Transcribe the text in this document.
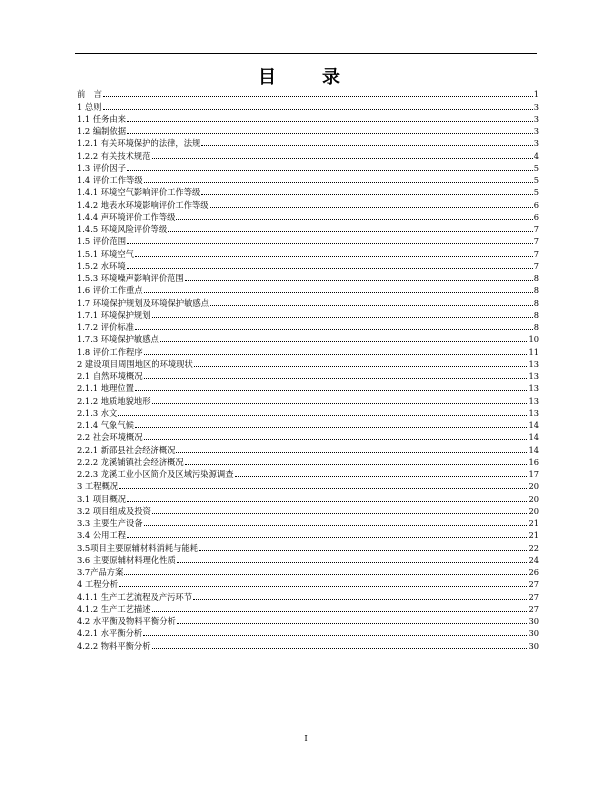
目　录
前　言	1
1 总则	3
1.1 任务由来	3
1.2 编制依据	3
1.2.1 有关环境保护的法律，法规	3
1.2.2 有关技术规范	4
1.3 评价因子	5
1.4 评价工作等级	5
1.4.1 环境空气影响评价工作等级	5
1.4.2 地表水环境影响评价工作等级	6
1.4.4 声环境评价工作等级	6
1.4.5 环境风险评价等级	7
1.5 评价范围	7
1.5.1 环境空气	7
1.5.2 水环境	7
1.5.3 环境噪声影响评价范围	8
1.6 评价工作重点	8
1.7 环境保护规划及环境保护敏感点	8
1.7.1 环境保护规划	8
1.7.2 评价标准	8
1.7.3 环境保护敏感点	10
1.8 评价工作程序	11
2 建设项目周围地区的环境现状	13
2.1 自然环境概况	13
2.1.1 地理位置	13
2.1.2 地质地貌地形	13
2.1.3 水文	13
2.1.4 气象气候	14
2.2 社会环境概况	14
2.2.1 新邵县社会经济概况	14
2.2.2 龙溪铺镇社会经济概况	16
2.2.3 龙溪工业小区简介及区域污染源调查	17
3 工程概况	20
3.1 项目概况	20
3.2 项目组成及投资	20
3.3 主要生产设备	21
3.4 公用工程	21
3.5项目主要原辅材料消耗与能耗	22
3.6 主要原辅材料理化性质	24
3.7产品方案	26
4 工程分析	27
4.1.1 生产工艺流程及产污环节	27
4.1.2 生产工艺描述	27
4.2 水平衡及物料平衡分析	30
4.2.1 水平衡分析	30
4.2.2 物料平衡分析	30
I
